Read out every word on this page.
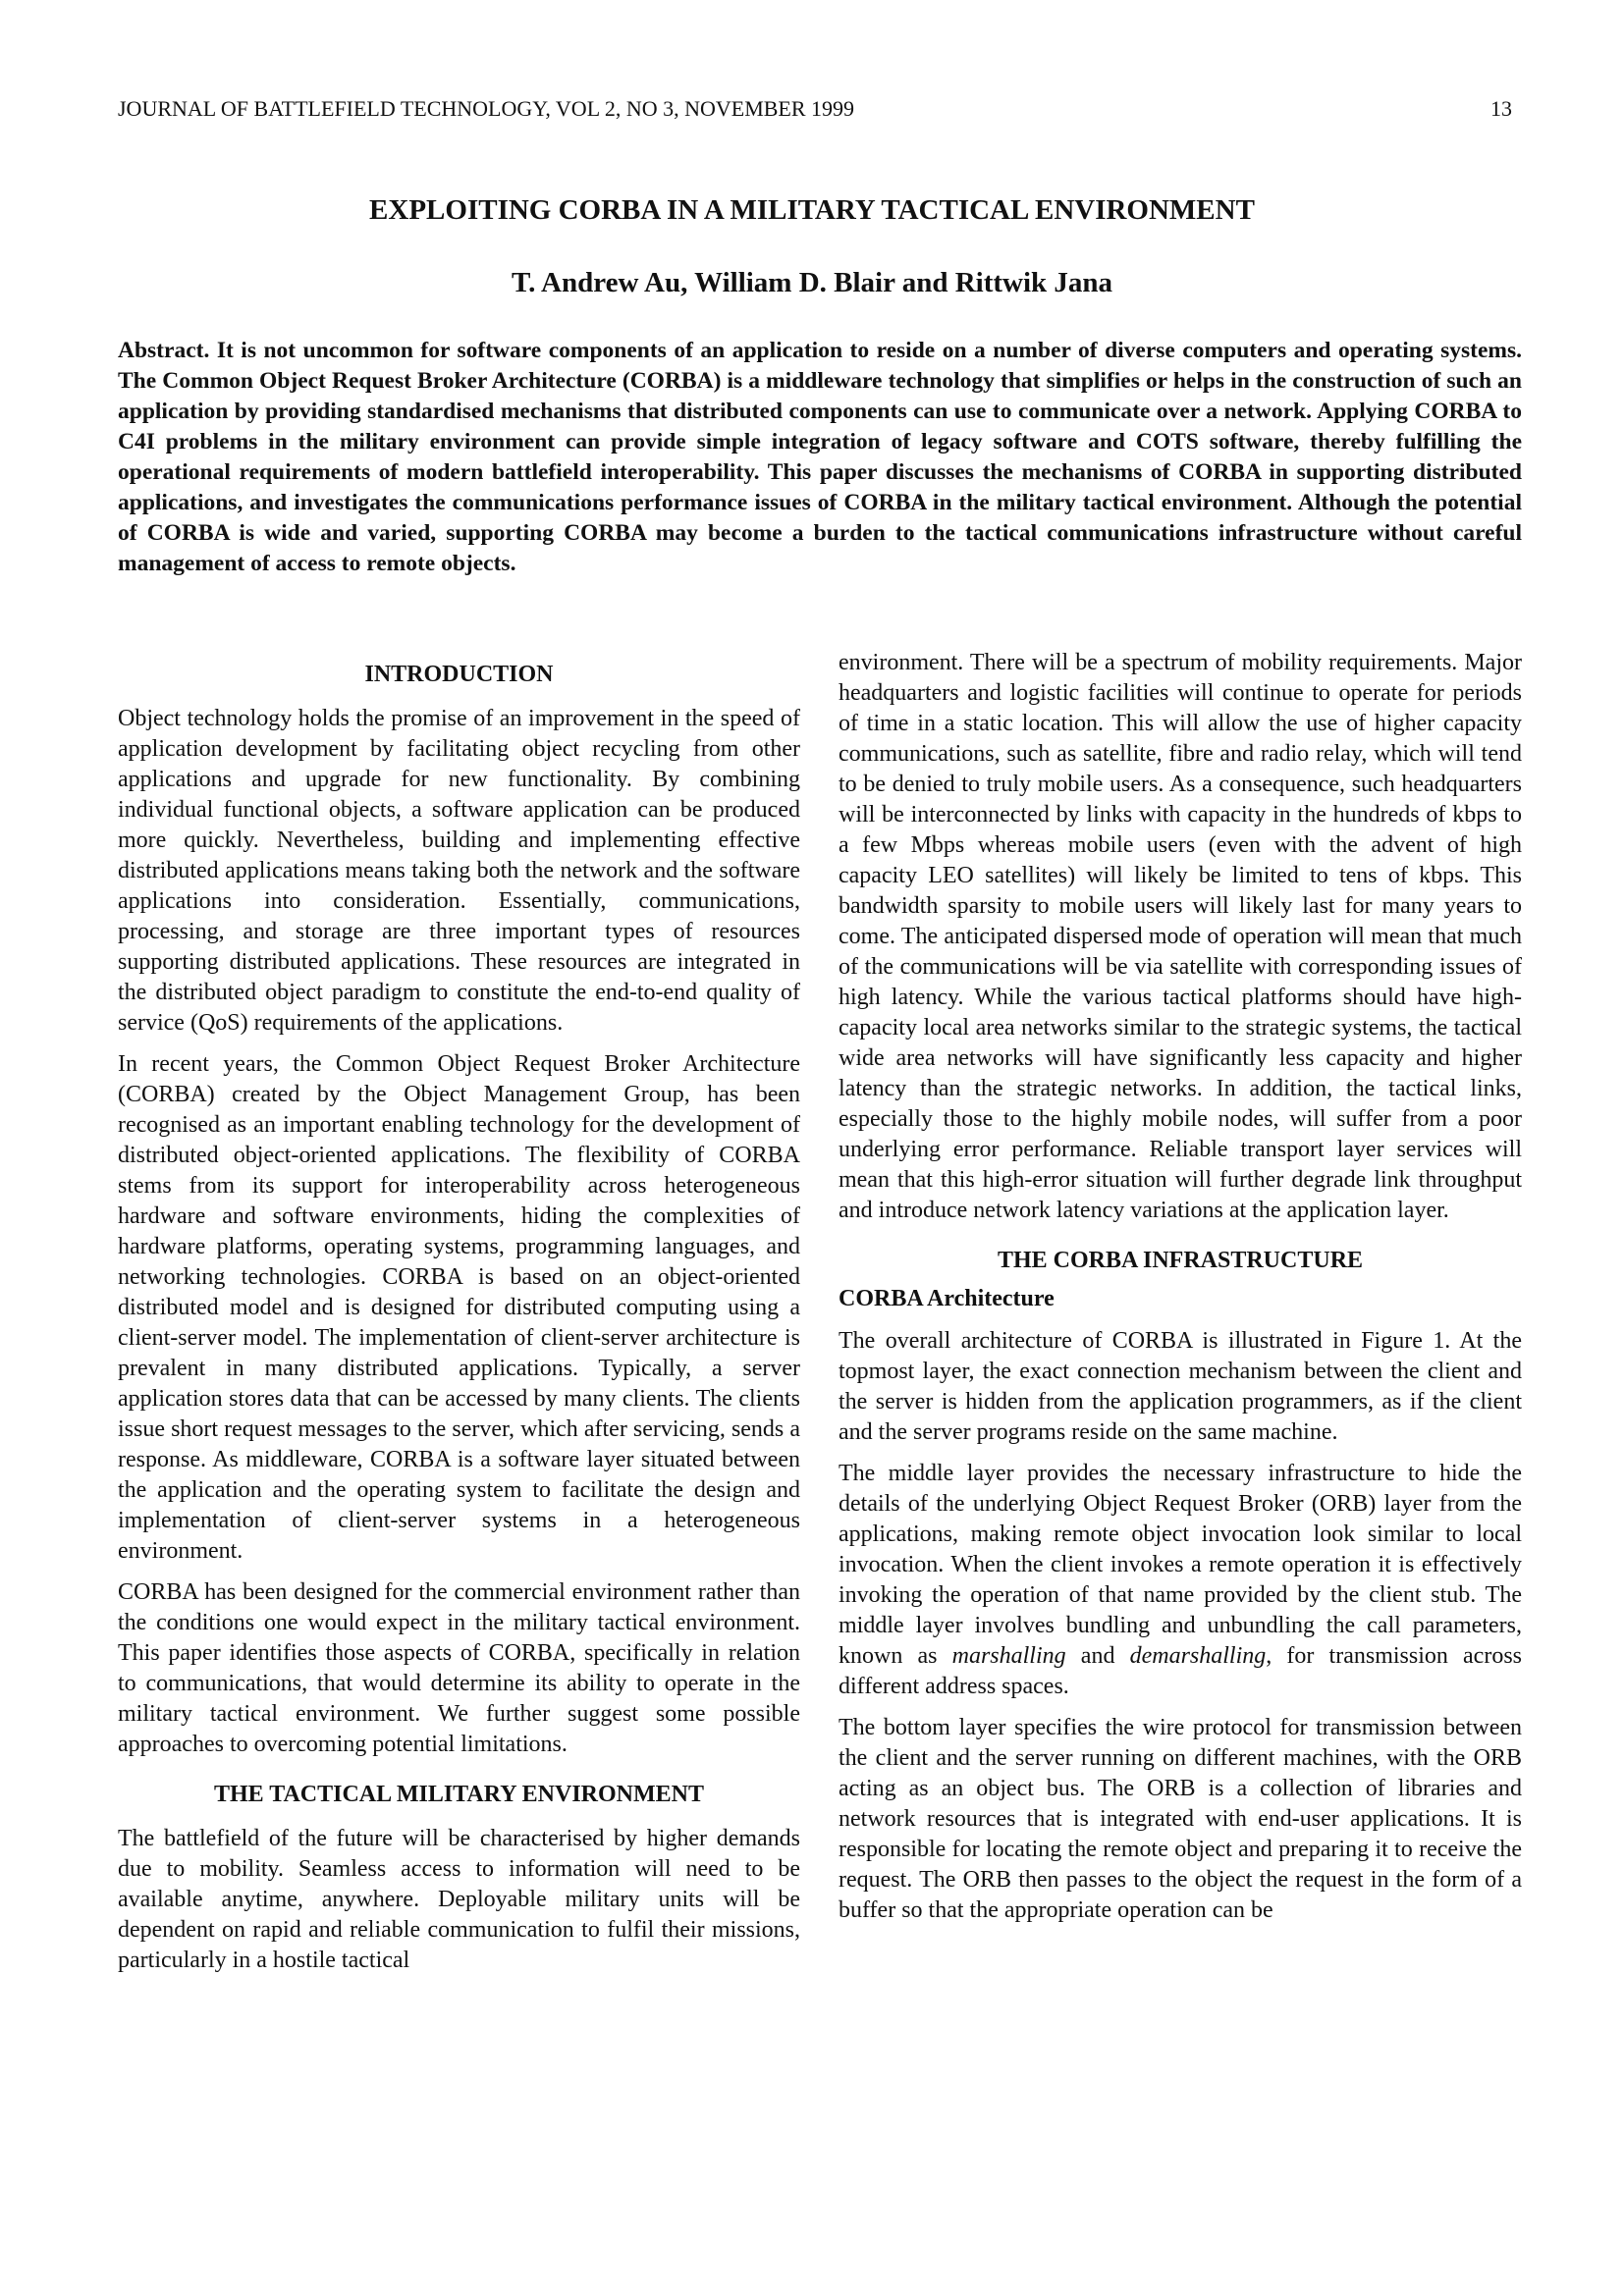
JOURNAL OF BATTLEFIELD TECHNOLOGY, VOL 2, NO 3, NOVEMBER 1999	13
EXPLOITING CORBA IN A MILITARY TACTICAL ENVIRONMENT
T. Andrew Au, William D. Blair and Rittwik Jana

Abstract. It is not uncommon for software components of an application to reside on a number of diverse computers and operating systems. The Common Object Request Broker Architecture (CORBA) is a middleware technology that simplifies or helps in the construction of such an application by providing standardised mechanisms that distributed components can use to communicate over a network. Applying CORBA to C4I problems in the military environment can provide simple integration of legacy software and COTS software, thereby fulfilling the operational requirements of modern battlefield interoperability. This paper discusses the mechanisms of CORBA in supporting distributed applications, and investigates the communications performance issues of CORBA in the military tactical environment. Although the potential of CORBA is wide and varied, supporting CORBA may become a burden to the tactical communications infrastructure without careful management of access to remote objects.

INTRODUCTION

Object technology holds the promise of an improvement in the speed of application development by facilitating object recycling from other applications and upgrade for new functionality. By combining individual functional objects, a software application can be produced more quickly. Nevertheless, building and implementing effective distributed applications means taking both the network and the software applications into consideration. Essentially, communications, processing, and storage are three important types of resources supporting distributed applications. These resources are integrated in the distributed object paradigm to constitute the end-to-end quality of service (QoS) requirements of the applications.

In recent years, the Common Object Request Broker Architecture (CORBA) created by the Object Management Group, has been recognised as an important enabling technology for the development of distributed object-oriented applications. The flexibility of CORBA stems from its support for interoperability across heterogeneous hardware and software environments, hiding the complexities of hardware platforms, operating systems, programming languages, and networking technologies. CORBA is based on an object-oriented distributed model and is designed for distributed computing using a client-server model. The implementation of client-server architecture is prevalent in many distributed applications. Typically, a server application stores data that can be accessed by many clients. The clients issue short request messages to the server, which after servicing, sends a response. As middleware, CORBA is a software layer situated between the application and the operating system to facilitate the design and implementation of client-server systems in a heterogeneous environment.

CORBA has been designed for the commercial environment rather than the conditions one would expect in the military tactical environment. This paper identifies those aspects of CORBA, specifically in relation to communications, that would determine its ability to operate in the military tactical environment. We further suggest some possible approaches to overcoming potential limitations.

THE TACTICAL MILITARY ENVIRONMENT

The battlefield of the future will be characterised by higher demands due to mobility. Seamless access to information will need to be available anytime, anywhere. Deployable military units will be dependent on rapid and reliable communication to fulfil their missions, particularly in a hostile tactical

environment. There will be a spectrum of mobility requirements. Major headquarters and logistic facilities will continue to operate for periods of time in a static location. This will allow the use of higher capacity communications, such as satellite, fibre and radio relay, which will tend to be denied to truly mobile users. As a consequence, such headquarters will be interconnected by links with capacity in the hundreds of kbps to a few Mbps whereas mobile users (even with the advent of high capacity LEO satellites) will likely be limited to tens of kbps. This bandwidth sparsity to mobile users will likely last for many years to come. The anticipated dispersed mode of operation will mean that much of the communications will be via satellite with corresponding issues of high latency. While the various tactical platforms should have high-capacity local area networks similar to the strategic systems, the tactical wide area networks will have significantly less capacity and higher latency than the strategic networks. In addition, the tactical links, especially those to the highly mobile nodes, will suffer from a poor underlying error performance. Reliable transport layer services will mean that this high-error situation will further degrade link throughput and introduce network latency variations at the application layer.

THE CORBA INFRASTRUCTURE
CORBA Architecture

The overall architecture of CORBA is illustrated in Figure 1. At the topmost layer, the exact connection mechanism between the client and the server is hidden from the application programmers, as if the client and the server programs reside on the same machine.

The middle layer provides the necessary infrastructure to hide the details of the underlying Object Request Broker (ORB) layer from the applications, making remote object invocation look similar to local invocation. When the client invokes a remote operation it is effectively invoking the operation of that name provided by the client stub. The middle layer involves bundling and unbundling the call parameters, known as marshalling and demarshalling, for transmission across different address spaces.

The bottom layer specifies the wire protocol for transmission between the client and the server running on different machines, with the ORB acting as an object bus. The ORB is a collection of libraries and network resources that is integrated with end-user applications. It is responsible for locating the remote object and preparing it to receive the request. The ORB then passes to the object the request in the form of a buffer so that the appropriate operation can be
